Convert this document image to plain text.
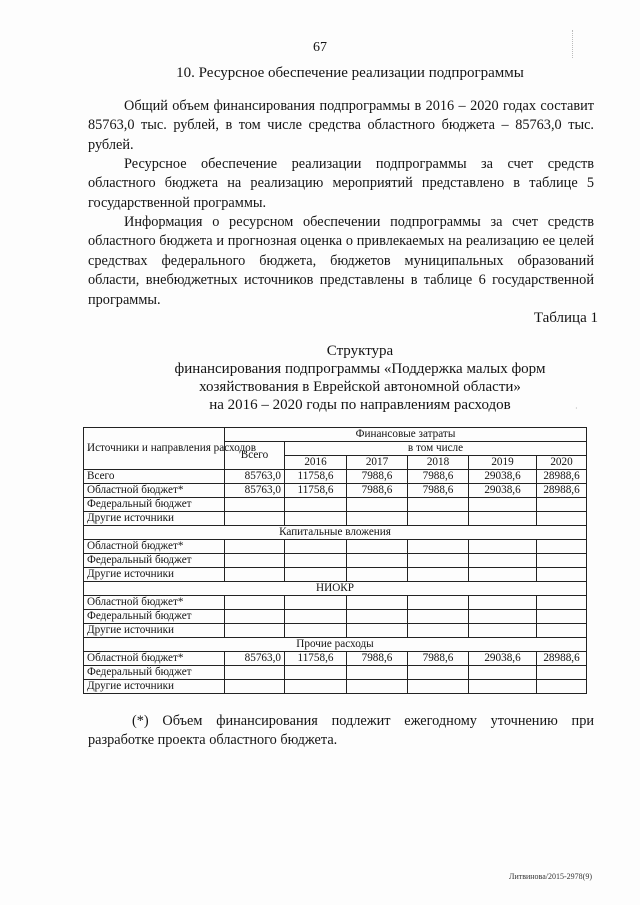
·
67
10. Ресурсное обеспечение реализации подпрограммы

Общий объем финансирования подпрограммы в 2016 – 2020 годах составит 85763,0 тыс. рублей, в том числе средства областного бюджета – 85763,0 тыс. рублей.

Ресурсное обеспечение реализации подпрограммы за счет средств областного бюджета на реализацию мероприятий представлено в таблице 5 государственной программы.

Информация о ресурсном обеспечении подпрограммы за счет средств областного бюджета и прогнозная оценка о привлекаемых на реализацию ее целей средствах федерального бюджета, бюджетов муниципальных образований области, внебюджетных источников представлены в таблице 6 государственной программы.

Таблица 1
Структура
финансирования подпрограммы «Поддержка малых форм
хозяйствования в Еврейской автономной области»
на 2016 – 2020 годы по направлениям расходов
Источники и направления расходов	Финансовые затраты					
	Всего	в том числе				
		2016	2017	2018	2019	2020
Всего	85763,0	11758,6	7988,6	7988,6	29038,6	28988,6
Областной бюджет*	85763,0	11758,6	7988,6	7988,6	29038,6	28988,6
Федеральный бюджет						
Другие источники						
Капитальные вложения						
Областной бюджет*						
Федеральный бюджет						
Другие источники						
НИОКР						
Областной бюджет*						
Федеральный бюджет						
Другие источники						
Прочие расходы						
Областной бюджет*	85763,0	11758,6	7988,6	7988,6	29038,6	28988,6
Федеральный бюджет						
Другие источники						

(*) Объем финансирования подлежит ежегодному уточнению при разработке проекта областного бюджета.

Литвинова/2015-2978(9)
